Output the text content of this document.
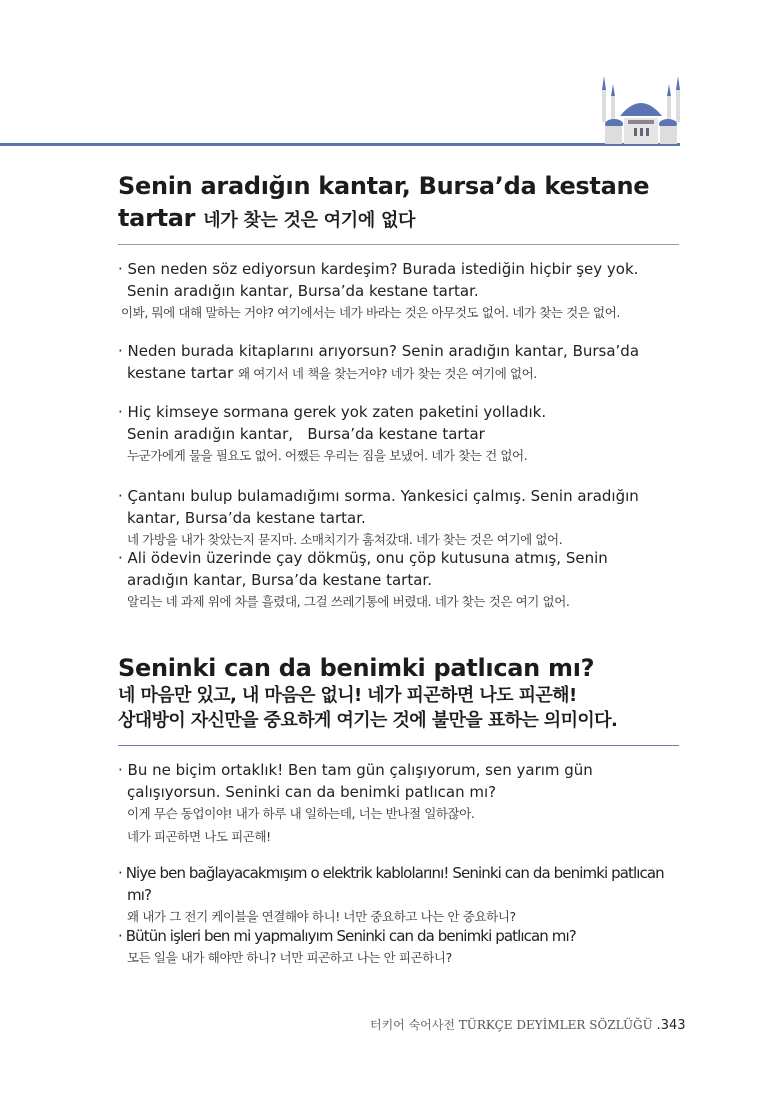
Senin aradığın kantar, Bursa’da kestane
tartar 네가 찾는 것은 여기에 없다
· Sen neden söz ediyorsun kardeşim? Burada istediğin hiçbir şey yok.
Senin aradığın kantar, Bursa’da kestane tartar.
이봐, 뭐에 대해 말하는 거야? 여기에서는 네가 바라는 것은 아무것도 없어. 네가 찾는 것은 없어.
· Neden burada kitaplarını arıyorsun? Senin aradığın kantar, Bursa’da
kestane tartar 왜 여기서 네 책을 찾는거야? 네가 찾는 것은 여기에 없어.
· Hiç kimseye sormana gerek yok zaten paketini yolladık.
Senin aradığın kantar,   Bursa’da kestane tartar
누군가에게 물을 필요도 없어. 어쨌든 우리는 짐을 보냈어. 네가 찾는 건 없어.
· Çantanı bulup bulamadığımı sorma. Yankesici çalmış. Senin aradığın
kantar, Bursa’da kestane tartar.
네 가방을 내가 찾았는지 묻지마. 소매치기가 훔쳐갔대. 네가 찾는 것은 여기에 없어.
· Ali ödevin üzerinde çay dökmüş, onu çöp kutusuna atmış, Senin
aradığın kantar, Bursa’da kestane tartar.
알리는 네 과제 위에 차를 흘렸대, 그걸 쓰레기통에 버렸대. 네가 찾는 것은 여기 없어.
Seninki can da benimki patlıcan mı?
네 마음만 있고, 내 마음은 없니! 네가 피곤하면 나도 피곤해!
상대방이 자신만을 중요하게 여기는 것에 불만을 표하는 의미이다.
· Bu ne biçim ortaklık! Ben tam gün çalışıyorum, sen yarım gün
çalışıyorsun. Seninki can da benimki patlıcan mı?
이게 무슨 동업이야! 내가 하루 내 일하는데, 너는 반나절 일하잖아.
네가 피곤하면 나도 피곤해!
· Niye ben bağlayacakmışım o elektrik kablolarını! Seninki can da benimki patlıcan mı?
왜 내가 그 전기 케이블을 연결해야 하니! 너만 중요하고 나는 안 중요하니?
· Bütün işleri ben mi yapmalıyım Seninki can da benimki patlıcan mı?
모든 일을 내가 해야만 하니? 너만 피곤하고 나는 안 피곤하니?
터키어 숙어사전 TÜRKÇE DEYİMLER SÖZLÜĞÜ .343
